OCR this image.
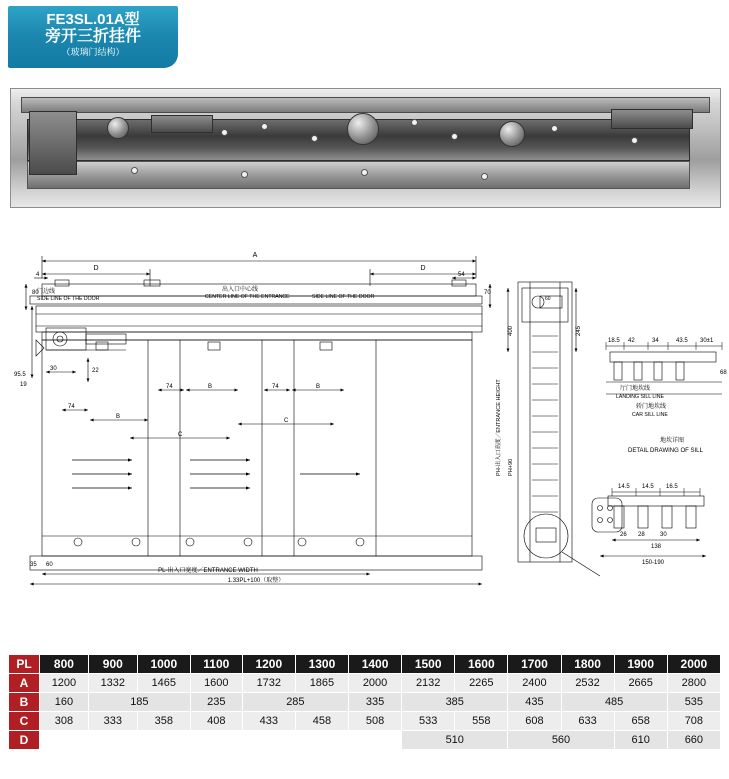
FE3SL.01A型
旁开三折挂件
（玻璃门结构）
A
D	D
4
门边线
SIDE LINE OF THE DOOR
出入口中心线
CENTER LINE OF THE ENTRANCE	SIDE LINE OF THE DOOR
80
95.5
19
30	22
74
74	74
B
B	B
C
C
35 60
PL-出入口宽度／ENTRANCE WIDTH
1.33PL+100（取整）
54
70
400	245
60
PH-出入口高度／ENTRANCE HEIGHT PH+90
18.5 42	34	43.5 30±1
厅门地坎线
LANDING SILL LINE
轿门地坎线
CAR SILL LINE
68
地坎详图
DETAIL DRAWING OF SILL
14.5 14.5 16.5
26 28	30
138
150-190
PL	800	900	1000	1100	1200	1300	1400	1500	1600	1700	1800	1900	2000
A	1200	1332	1465	1600	1732	1865	2000	2132	2265	2400	2532	2665	2800
B	160	185		235	285		335	385		435	485		535
C	308	333	358	408	433	458	508	533	558	608	633	658	708
D								510		560		610	660
